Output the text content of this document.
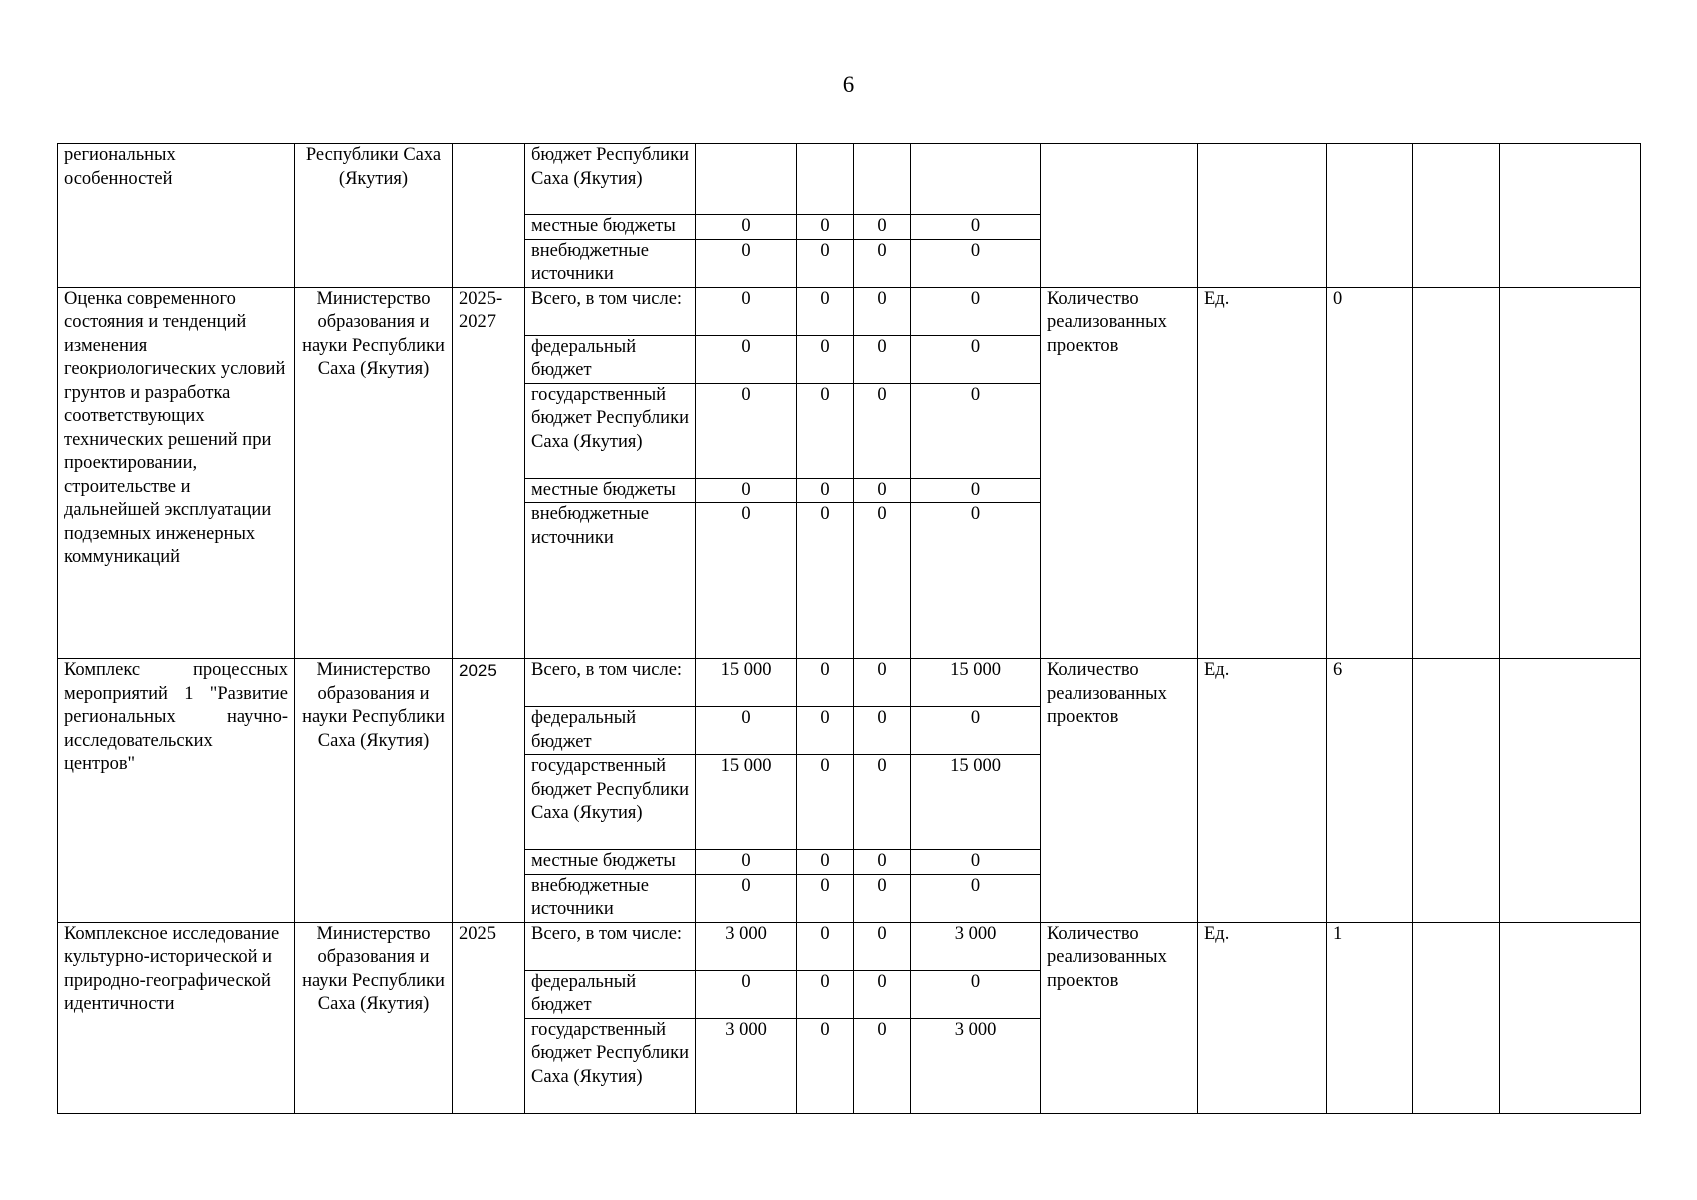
6
региональных особенностей	Республики Саха (Якутия)		бюджет Республики Саха (Якутия)									
			местные бюджеты	0	0	0	0					
			внебюджетные источники	0	0	0	0					
Оценка современного состояния и тенденций изменения геокриологических условий грунтов и разработка соответствующих технических решений при проектировании, строительстве и дальнейшей эксплуатации подземных инженерных коммуникаций	Министерство образования и науки Республики Саха (Якутия)	2025-2027	Всего, в том числе:	0	0	0	0	Количество реализованных проектов	Ед.	0		
			федеральный бюджет	0	0	0	0					
			государственный бюджет Республики Саха (Якутия)	0	0	0	0					
			местные бюджеты	0	0	0	0					
			внебюджетные источники	0	0	0	0					
Комплекс процессных мероприятий 1 "Развитие региональных научно-исследовательских центров"	Министерство образования и науки Республики Саха (Якутия)	2025	Всего, в том числе:	15 000	0	0	15 000	Количество реализованных проектов	Ед.	6		
			федеральный бюджет	0	0	0	0					
			государственный бюджет Республики Саха (Якутия)	15 000	0	0	15 000					
			местные бюджеты	0	0	0	0					
			внебюджетные источники	0	0	0	0					
Комплексное исследование культурно-исторической и природно-географической идентичности	Министерство образования и науки Республики Саха (Якутия)	2025	Всего, в том числе:	3 000	0	0	3 000	Количество реализованных проектов	Ед.	1		
			федеральный бюджет	0	0	0	0					
			государственный бюджет Республики Саха (Якутия)	3 000	0	0	3 000					
